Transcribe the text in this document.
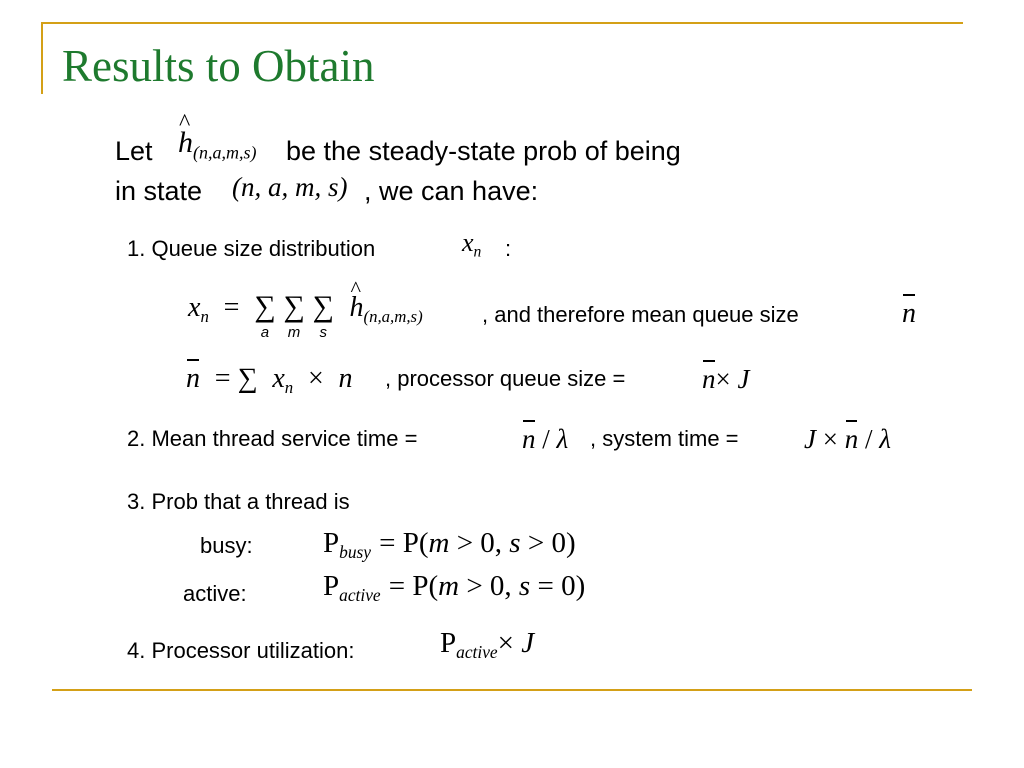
Results to Obtain
Let
^ $h_{(n,a,m,s)}$ be the steady-state prob of being
in state (n, a, m, s) , we can have:
1. Queue size distribution	$x_n$ :
$x_n$  =  ∑
a
∑
m
∑
s
^ $h_{(n,a,m,s)}$	, and therefore mean queue size	n
n  = ∑  $x_n \times n$ , processor queue size =	n× J
2. Mean thread service time =	n / λ , system time = J × n / λ
3. Prob that a thread is
busy: $P_{busy} = P(m > 0$, s > 0)
active:	$P_{active} = P(m > 0$, s = 0)
4. Processor utilization:	$P_{active}\times J$
